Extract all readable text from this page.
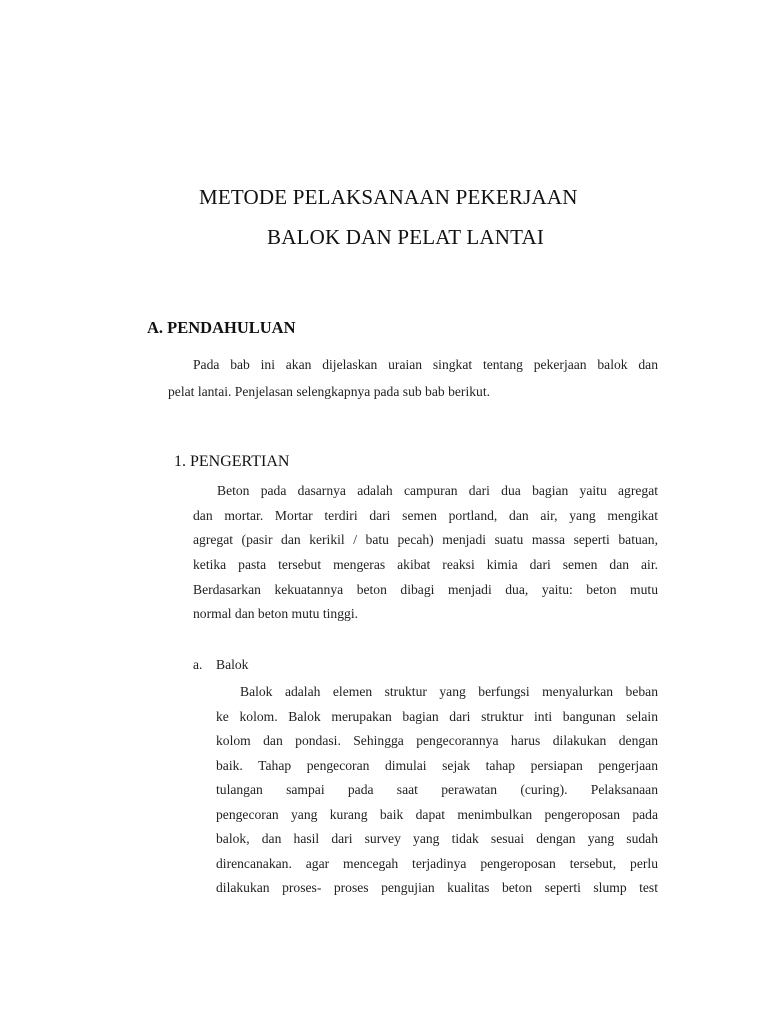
METODE PELAKSANAAN PEKERJAAN
BALOK DAN PELAT LANTAI
A. PENDAHULUAN
Pada bab ini akan dijelaskan uraian singkat tentang pekerjaan balok dan
pelat lantai. Penjelasan selengkapnya pada sub bab berikut.
1. PENGERTIAN
Beton pada dasarnya adalah campuran dari dua bagian yaitu agregat
dan mortar. Mortar terdiri dari semen portland, dan air, yang mengikat
agregat (pasir dan kerikil / batu pecah) menjadi suatu massa seperti batuan,
ketika pasta tersebut mengeras akibat reaksi kimia dari semen dan air.
Berdasarkan kekuatannya beton dibagi menjadi dua, yaitu: beton mutu
normal dan beton mutu tinggi.
a. Balok
Balok adalah elemen struktur yang berfungsi menyalurkan beban
ke kolom. Balok merupakan bagian dari struktur inti bangunan selain
kolom dan pondasi. Sehingga pengecorannya harus dilakukan dengan
baik. Tahap pengecoran dimulai sejak tahap persiapan pengerjaan
tulangan sampai pada saat perawatan (curing). Pelaksanaan
pengecoran yang kurang baik dapat menimbulkan pengeroposan pada
balok, dan hasil dari survey yang tidak sesuai dengan yang sudah
direncanakan. agar mencegah terjadinya pengeroposan tersebut, perlu
dilakukan proses- proses pengujian kualitas beton seperti slump test
